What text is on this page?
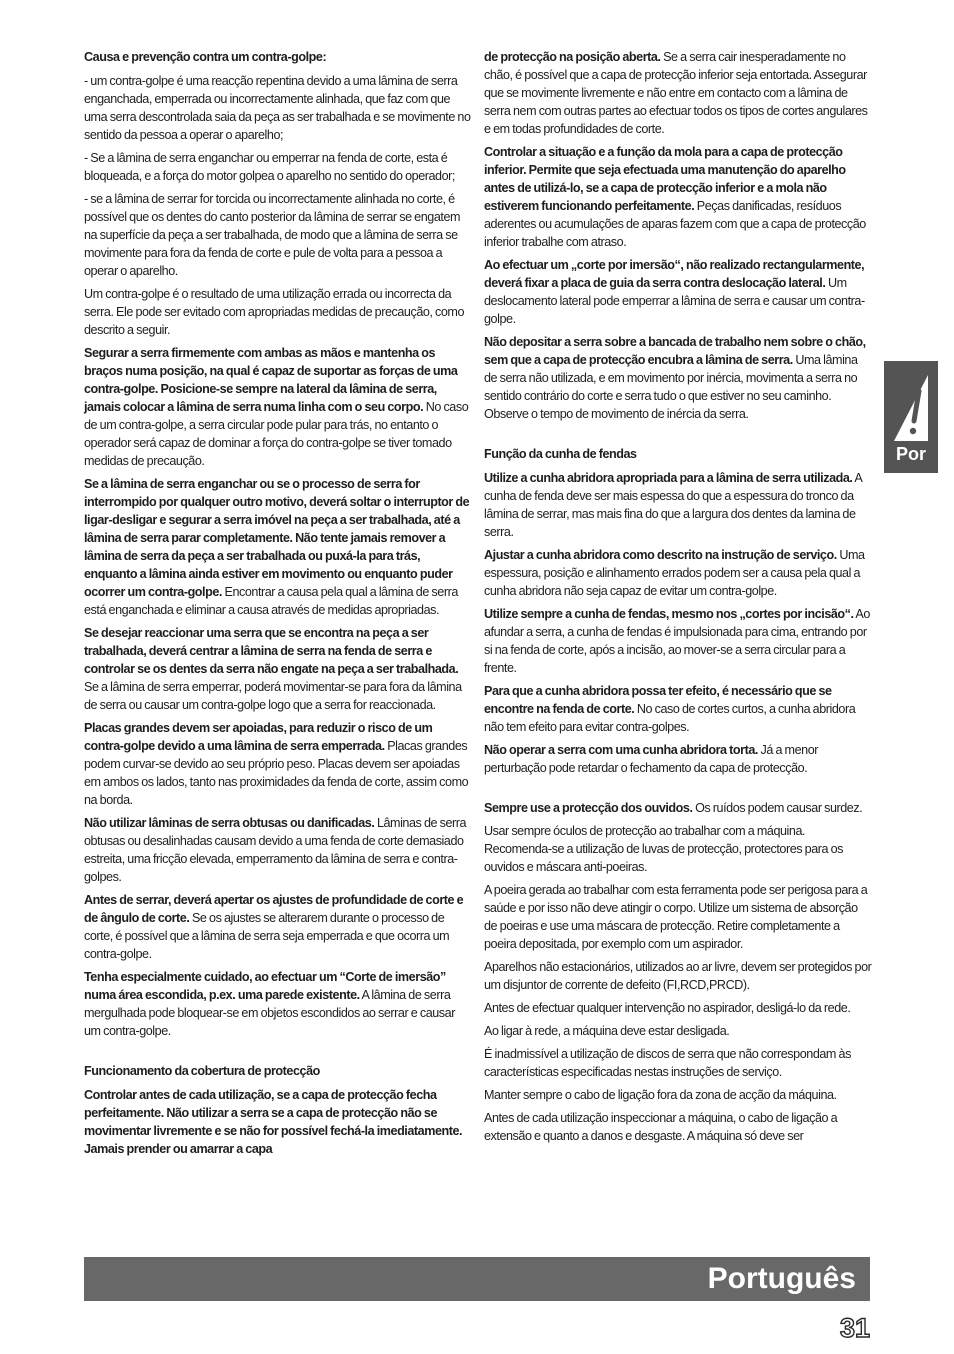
Causa e prevenção contra um contra-golpe:

- um contra-golpe é uma reacção repentina devido a uma lâmina de serra enganchada, emperrada ou incorrectamente alinhada, que faz com que uma serra descontrolada saia da peça as ser trabalhada e se movimente no sentido da pessoa a operar o aparelho;

- Se a lâmina de serra enganchar ou emperrar na fenda de corte, esta é bloqueada, e a força do motor golpea o aparelho no sentido do operador;

- se a lâmina de serrar for torcida ou incorrectamente alinhada no corte, é possível que os dentes do canto posterior da lâmina de serrar se engatem na superfície da peça a ser trabalhada, de modo que a lâmina de serra se movimente para fora da fenda de corte e pule de volta para a pessoa a operar o aparelho.

Um contra-golpe é o resultado de uma utilização errada ou incorrecta da serra. Ele pode ser evitado com apropriadas medidas de precaução, como descrito a seguir.

Segurar a serra firmemente com ambas as mãos e mantenha os braços numa posição, na qual é capaz de suportar as forças de uma contra-golpe. Posicione-se sempre na lateral da lâmina de serra, jamais colocar a lâmina de serra numa linha com o seu corpo. No caso de um contra-golpe, a serra circular pode pular para trás, no entanto o operador será capaz de dominar a força do contra-golpe se tiver tomado medidas de precaução.

Se a lâmina de serra enganchar ou se o processo de serra for interrompido por qualquer outro motivo, deverá soltar o interruptor de ligar-desligar e segurar a serra imóvel na peça a ser trabalhada, até a lâmina de serra parar completamente. Não tente jamais remover a lâmina de serra da peça a ser trabalhada ou puxá-la para trás, enquanto a lâmina ainda estiver em movimento ou enquanto puder ocorrer um contra-golpe. Encontrar a causa pela qual a lâmina de serra está enganchada e eliminar a causa através de medidas apropriadas.

Se desejar reaccionar uma serra que se encontra na peça a ser trabalhada, deverá centrar a lâmina de serra na fenda de serra e controlar se os dentes da serra não engate na peça a ser trabalhada. Se a lâmina de serra emperrar, poderá movimentar-se para fora da lâmina de serra ou causar um contra-golpe logo que a serra for reaccionada.

Placas grandes devem ser apoiadas, para reduzir o risco de um contra-golpe devido a uma lâmina de serra emperrada. Placas grandes podem curvar-se devido ao seu próprio peso. Placas devem ser apoiadas em ambos os lados, tanto nas proximidades da fenda de corte, assim como na borda.

Não utilizar lâminas de serra obtusas ou danificadas. Lâminas de serra obtusas ou desalinhadas causam devido a uma fenda de corte demasiado estreita, uma fricção elevada, emperramento da lâmina de serra e contra-golpes.

Antes de serrar, deverá apertar os ajustes de profundidade de corte e de ângulo de corte. Se os ajustes se alterarem durante o processo de corte, é possível que a lâmina de serra seja emperrada e que ocorra um contra-golpe.

Tenha especialmente cuidado, ao efectuar um “Corte de imersão” numa área escondida, p.ex. uma parede existente. A lâmina de serra mergulhada pode bloquear-se em objetos escondidos ao serrar e causar um contra-golpe.

Funcionamento da cobertura de protecção

Controlar antes de cada utilização, se a capa de protecção fecha perfeitamente. Não utilizar a serra se a capa de protecção não se movimentar livremente e se não for possível fechá-la imediatamente. Jamais prender ou amarrar a capa

de protecção na posição aberta. Se a serra cair inesperadamente no chão, é possível que a capa de protecção inferior seja entortada. Assegurar que se movimente livremente e não entre em contacto com a lâmina de serra nem com outras partes ao efectuar todos os tipos de cortes angulares e em todas profundidades de corte.

Controlar a situação e a função da mola para a capa de protecção inferior. Permite que seja efectuada uma manutenção do aparelho antes de utilizá-lo, se a capa de protecção inferior e a mola não estiverem funcionando perfeitamente. Peças danificadas, resíduos aderentes ou acumulações de aparas fazem com que a capa de protecção inferior trabalhe com atraso.

Ao efectuar um „corte por imersão“, não realizado rectangularmente, deverá fixar a placa de guia da serra contra deslocação lateral. Um deslocamento lateral pode emperrar a lâmina de serra e causar um contra-golpe.

Não depositar a serra sobre a bancada de trabalho nem sobre o chão, sem que a capa de protecção encubra a lâmina de serra. Uma lâmina de serra não utilizada, e em movimento por inércia, movimenta a serra no sentido contrário do corte e serra tudo o que estiver no seu caminho. Observe o tempo de movimento de inércia da serra.

Função da cunha de fendas

Utilize a cunha abridora apropriada para a lâmina de serra utilizada. A cunha de fenda deve ser mais espessa do que a espessura do tronco da lâmina de serrar, mas mais fina do que a largura dos dentes da lamina de serra.

Ajustar a cunha abridora como descrito na instrução de serviço. Uma espessura, posição e alinhamento errados podem ser a causa pela qual a cunha abridora não seja capaz de evitar um contra-golpe.

Utilize sempre a cunha de fendas, mesmo nos „cortes por incisão“. Ao afundar a serra, a cunha de fendas é impulsionada para cima, entrando por si na fenda de corte, após a incisão, ao mover-se a serra circular para a frente.

Para que a cunha abridora possa ter efeito, é necessário que se encontre na fenda de corte. No caso de cortes curtos, a cunha abridora não tem efeito para evitar contra-golpes.

Não operar a serra com uma cunha abridora torta. Já a menor perturbação pode retardar o fechamento da capa de protecção.

Sempre use a protecção dos ouvidos. Os ruídos podem causar surdez.

Usar sempre óculos de protecção ao trabalhar com a máquina. Recomenda-se a utilização de luvas de protecção, protectores para os ouvidos e máscara anti-poeiras.

A poeira gerada ao trabalhar com esta ferramenta pode ser perigosa para a saúde e por isso não deve atingir o corpo. Utilize um sistema de absorção de poeiras e use uma máscara de protecção. Retire completamente a poeira depositada, por exemplo com um aspirador.

Aparelhos não estacionários, utilizados ao ar livre, devem ser protegidos por um disjuntor de corrente de defeito (FI,RCD,PRCD).

Antes de efectuar qualquer intervenção no aspirador, desligá-lo da rede.

Ao ligar à rede, a máquina deve estar desligada.

É inadmissível a utilização de discos de serra que não correspondam às características especificadas nestas instruções de serviço.

Manter sempre o cabo de ligação fora da zona de acção da máquina.

Antes de cada utilização inspeccionar a máquina, o cabo de ligação a extensão e quanto a danos e desgaste. A máquina só deve ser

Por
Português
31
